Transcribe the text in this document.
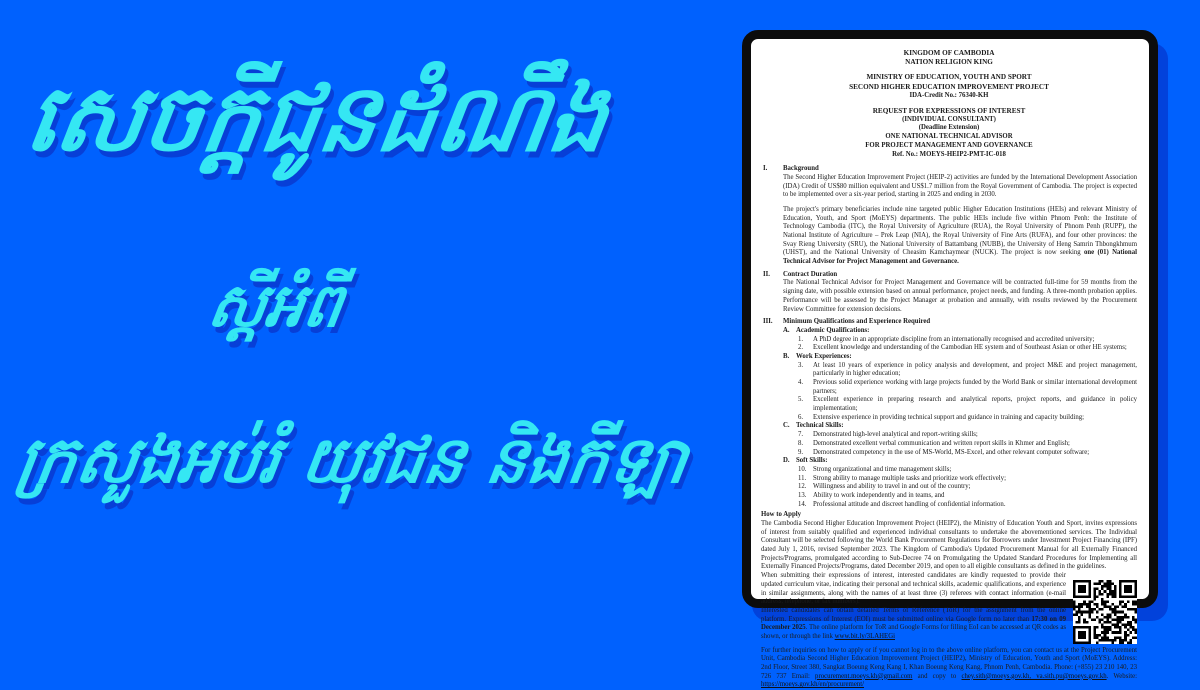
សេចក្តីជូនដំណឹង
ស្តីអំពី
ក្រសួងអប់រំ យុវជន និងកីឡា
KINGDOM OF CAMBODIA
NATION RELIGION KING
MINISTRY OF EDUCATION, YOUTH AND SPORT
SECOND HIGHER EDUCATION IMPROVEMENT PROJECT
IDA-Credit No.: 76340-KH
REQUEST FOR EXPRESSIONS OF INTEREST
(INDIVIDUAL CONSULTANT)
(Deadline Extension)
ONE NATIONAL TECHNICAL ADVISOR
FOR PROJECT MANAGEMENT AND GOVERNANCE
Ref. No.: MOEYS-HEIP2-PMT-IC-018
I.	Background

The Second Higher Education Improvement Project (HEIP-2) activities are funded by the International Development Association (IDA) Credit of US$80 million equivalent and US$1.7 million from the Royal Government of Cambodia. The project is expected to be implemented over a six-year period, starting in 2025 and ending in 2030.

The project's primary beneficiaries include nine targeted public Higher Education Institutions (HEIs) and relevant Ministry of Education, Youth, and Sport (MoEYS) departments. The public HEIs include five within Phnom Penh: the Institute of Technology Cambodia (ITC), the Royal University of Agriculture (RUA), the Royal University of Phnom Penh (RUPP), the National Institute of Agriculture – Prek Leap (NIA), the Royal University of Fine Arts (RUFA), and four other provinces: the Svay Rieng University (SRU), the National University of Battambang (NUBB), the University of Heng Samrin Thbongkhmum (UHST), and the National University of Cheasim Kamchaymear (NUCK). The project is now seeking one (01) National Technical Advisor for Project Management and Governance.

II.	Contract Duration

The National Technical Advisor for Project Management and Governance will be contracted full-time for 59 months from the signing date, with possible extension based on annual performance, project needs, and funding. A three-month probation applies. Performance will be assessed by the Project Manager at probation and annually, with results reviewed by the Procurement Review Committee for extension decisions.

III.	Minimum Qualifications and Experience Required
A. Academic Qualifications:
1.	A PhD degree in an appropriate discipline from an internationally recognised and accredited university;
2.	Excellent knowledge and understanding of the Cambodian HE system and of Southeast Asian or other HE systems;
B. Work Experiences:
3.	At least 10 years of experience in policy analysis and development, and project M&E and project management, particularly in higher education;
4.	Previous solid experience working with large projects funded by the World Bank or similar international development partners;
5.	Excellent experience in preparing research and analytical reports, project reports, and guidance in policy implementation;
6.	Extensive experience in providing technical support and guidance in training and capacity building;
C. Technical Skills:
7.	Demonstrated high-level analytical and report-writing skills;
8.	Demonstrated excellent verbal communication and written report skills in Khmer and English;
9.	Demonstrated competency in the use of MS-World, MS-Excel, and other relevant computer software;
D. Soft Skills:
10. Strong organizational and time management skills;
11. Strong ability to manage multiple tasks and prioritize work effectively;
12. Willingness and ability to travel in and out of the country;
13. Ability to work independently and in teams, and
14. Professional attitude and discreet handling of confidential information.
How to Apply

The Cambodia Second Higher Education Improvement Project (HEIP2), the Ministry of Education Youth and Sport, invites expressions of interest from suitably qualified and experienced individual consultants to undertake the abovementioned services. The Individual Consultant will be selected following the World Bank Procurement Regulations for Borrowers under Investment Project Financing (IPF) dated July 1, 2016, revised September 2023. The Kingdom of Cambodia's Updated Procurement Manual for all Externally Financed Projects/Programs, promulgated according to Sub-Decree 74 on Promulgating the Updated Standard Procedures for Implementing all Externally Financed Projects/Programs, dated December 2019, and open to all eligible consultants as defined in the guidelines.

When submitting their expressions of interest, interested candidates are kindly requested to provide their updated curriculum vitae, indicating their personal and technical skills, academic qualifications, and experience in similar assignments, along with the names of at least three (3) referees with contact information (e-mail address, telephone, or fax numbers).

Interested candidates can obtain detailed Terms of Reference (ToR) for the assignment from the online platform. Expressions of Interest (EOI) must be submitted online via Google form no later than 17:30 on 09 December 2025. The online platform for ToR and Google Forms for filling EoI can be accessed at QR codes as shown, or through the link www.bit.ly/3LAHEGi

For further inquiries on how to apply or if you cannot log in to the above online platform, you can contact us at the Project Procurement Unit, Cambodia Second Higher Education Improvement Project (HEIP2), Ministry of Education, Youth and Sport (MoEYS). Address: 2nd Floor, Street 380, Sangkat Boeung Keng Kang I, Khan Boeung Keng Kang, Phnom Penh, Cambodia. Phone: (+855) 23 210 140, 23 726 737 Email: procurement.moeys.kh@gmail.com and copy to chey.sith@moeys.gov.kh, va.sith.pu@moeys.gov.kh. Website: https://moeys.gov.kh/en/procurement/
